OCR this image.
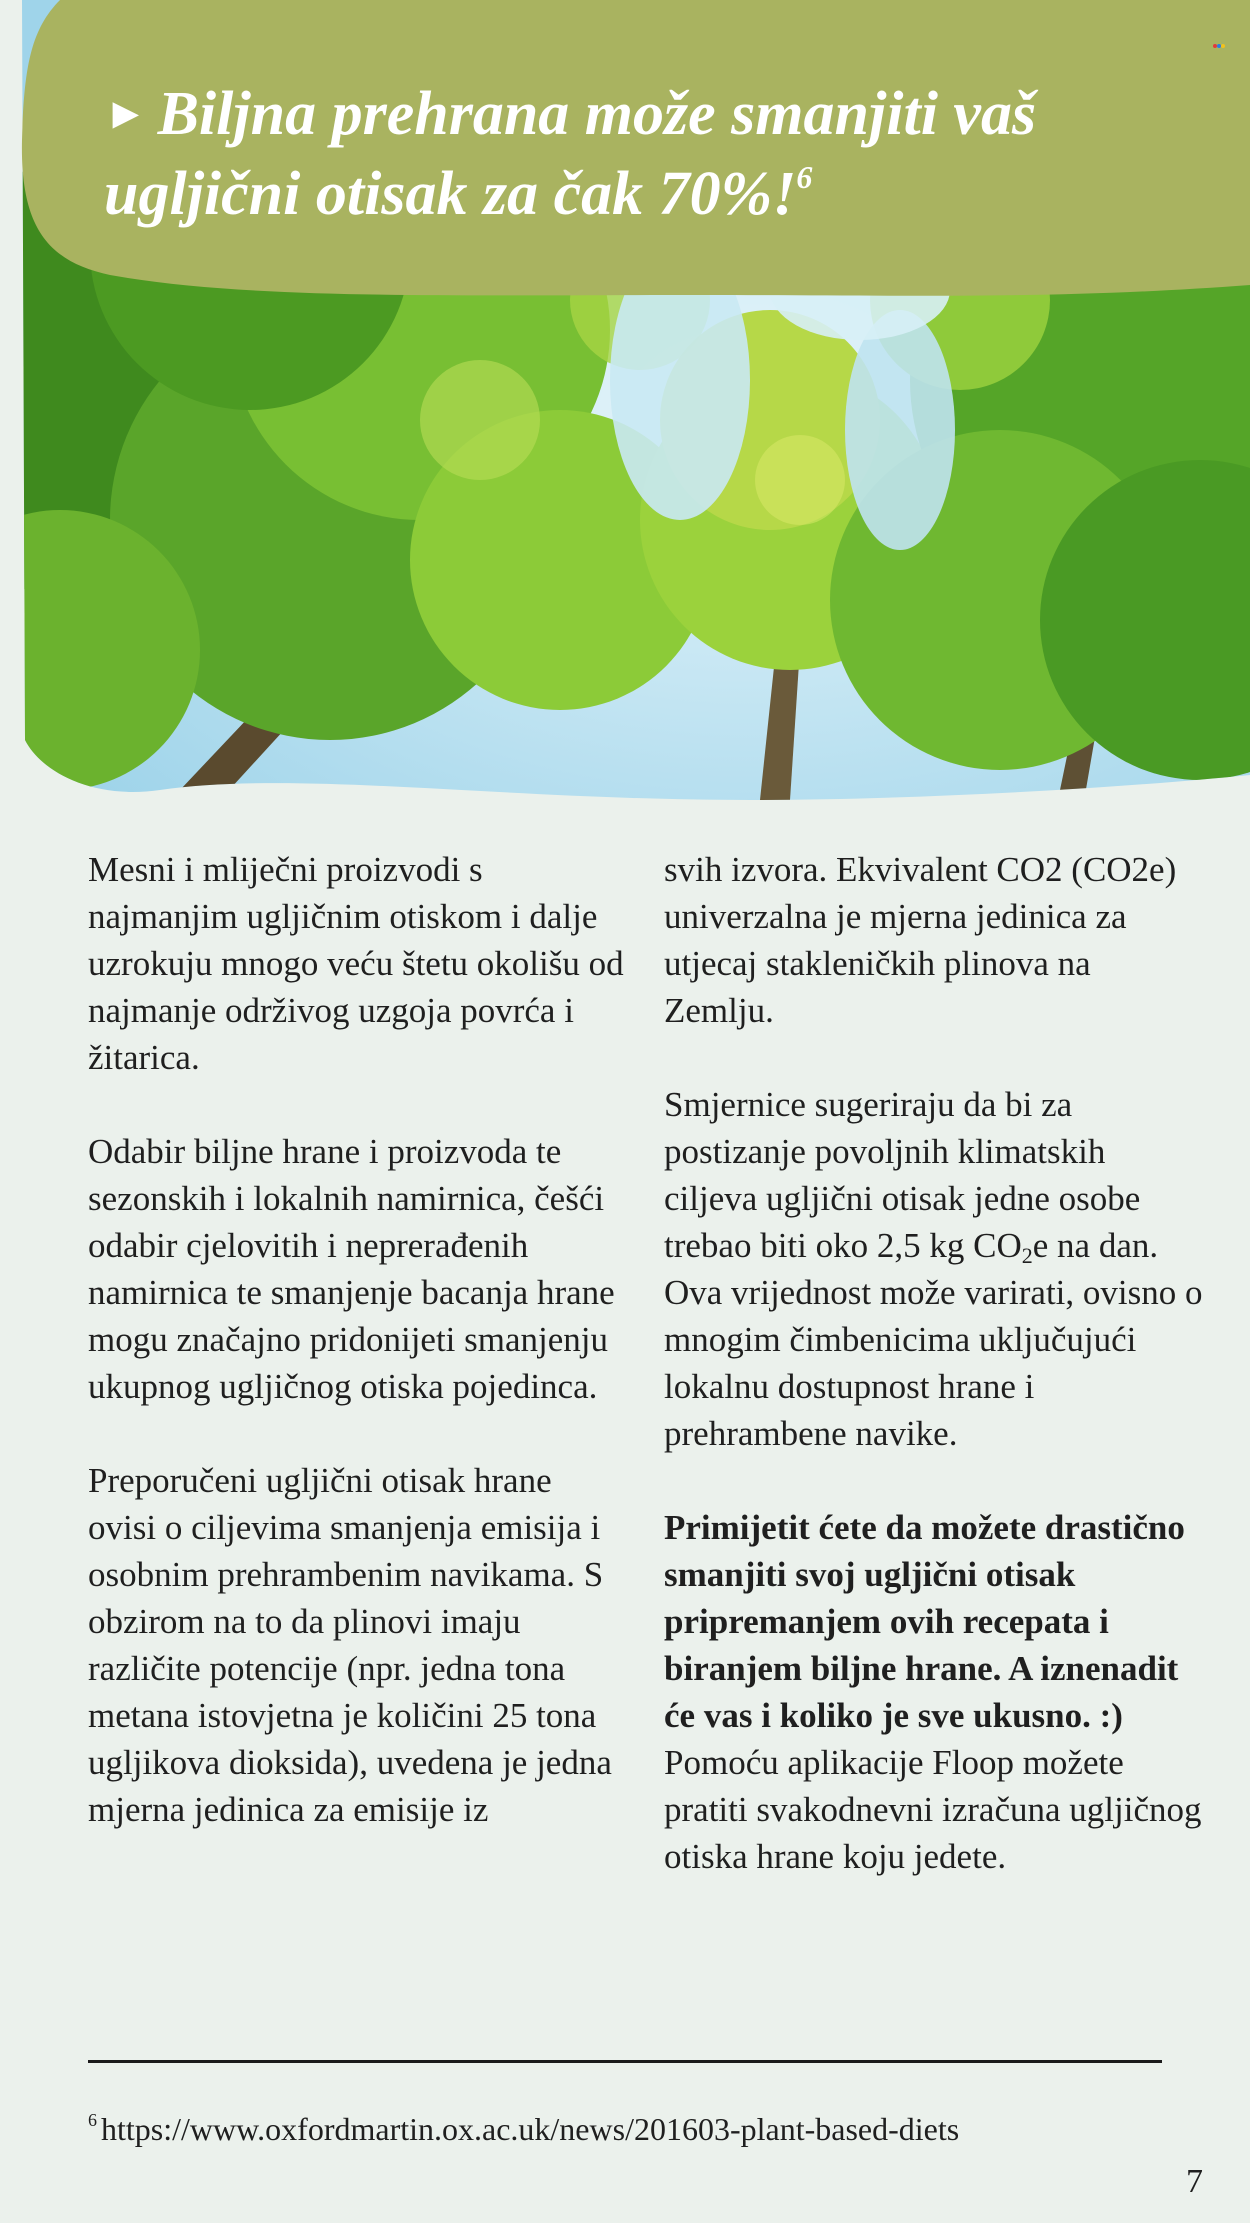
► Biljna prehrana može smanjiti vaš ugljični otisak za čak 70%!$^6$

Mesni i mliječni proizvodi s najmanjim ugljičnim otiskom i dalje uzrokuju mnogo veću štetu okolišu od najmanje održivog uzgoja povrća i žitarica.

Odabir biljne hrane i proizvoda te sezonskih i lokalnih namirnica, češći odabir cjelovitih i neprerađenih namirnica te smanjenje bacanja hrane mogu značajno pridonijeti smanjenju ukupnog ugljičnog otiska pojedinca.

Preporučeni ugljični otisak hrane ovisi o ciljevima smanjenja emisija i osobnim prehrambenim navikama. S obzirom na to da plinovi imaju različite potencije (npr. jedna tona metana istovjetna je količini 25 tona ugljikova dioksida), uvedena je jedna mjerna jedinica za emisije iz

svih izvora. Ekvivalent CO2 (CO2e) univerzalna je mjerna jedinica za utjecaj stakleničkih plinova na Zemlju.

Smjernice sugeriraju da bi za postizanje povoljnih klimatskih ciljeva ugljični otisak jedne osobe trebao biti oko 2,5 kg $CO_2e$ na dan. Ova vrijednost može varirati, ovisno o mnogim čimbenicima uključujući lokalnu dostupnost hrane i prehrambene navike.

Primijetit ćete da možete drastično smanjiti svoj ugljični otisak pripremanjem ovih recepata i biranjem biljne hrane. A iznenadit će vas i koliko je sve ukusno. :) Pomoću aplikacije Floop možete pratiti svakodnevni izračuna ugljičnog otiska hrane koju jedete.

$^6$ https://www.oxfordmartin.ox.ac.uk/news/201603-plant-based-diets
7
